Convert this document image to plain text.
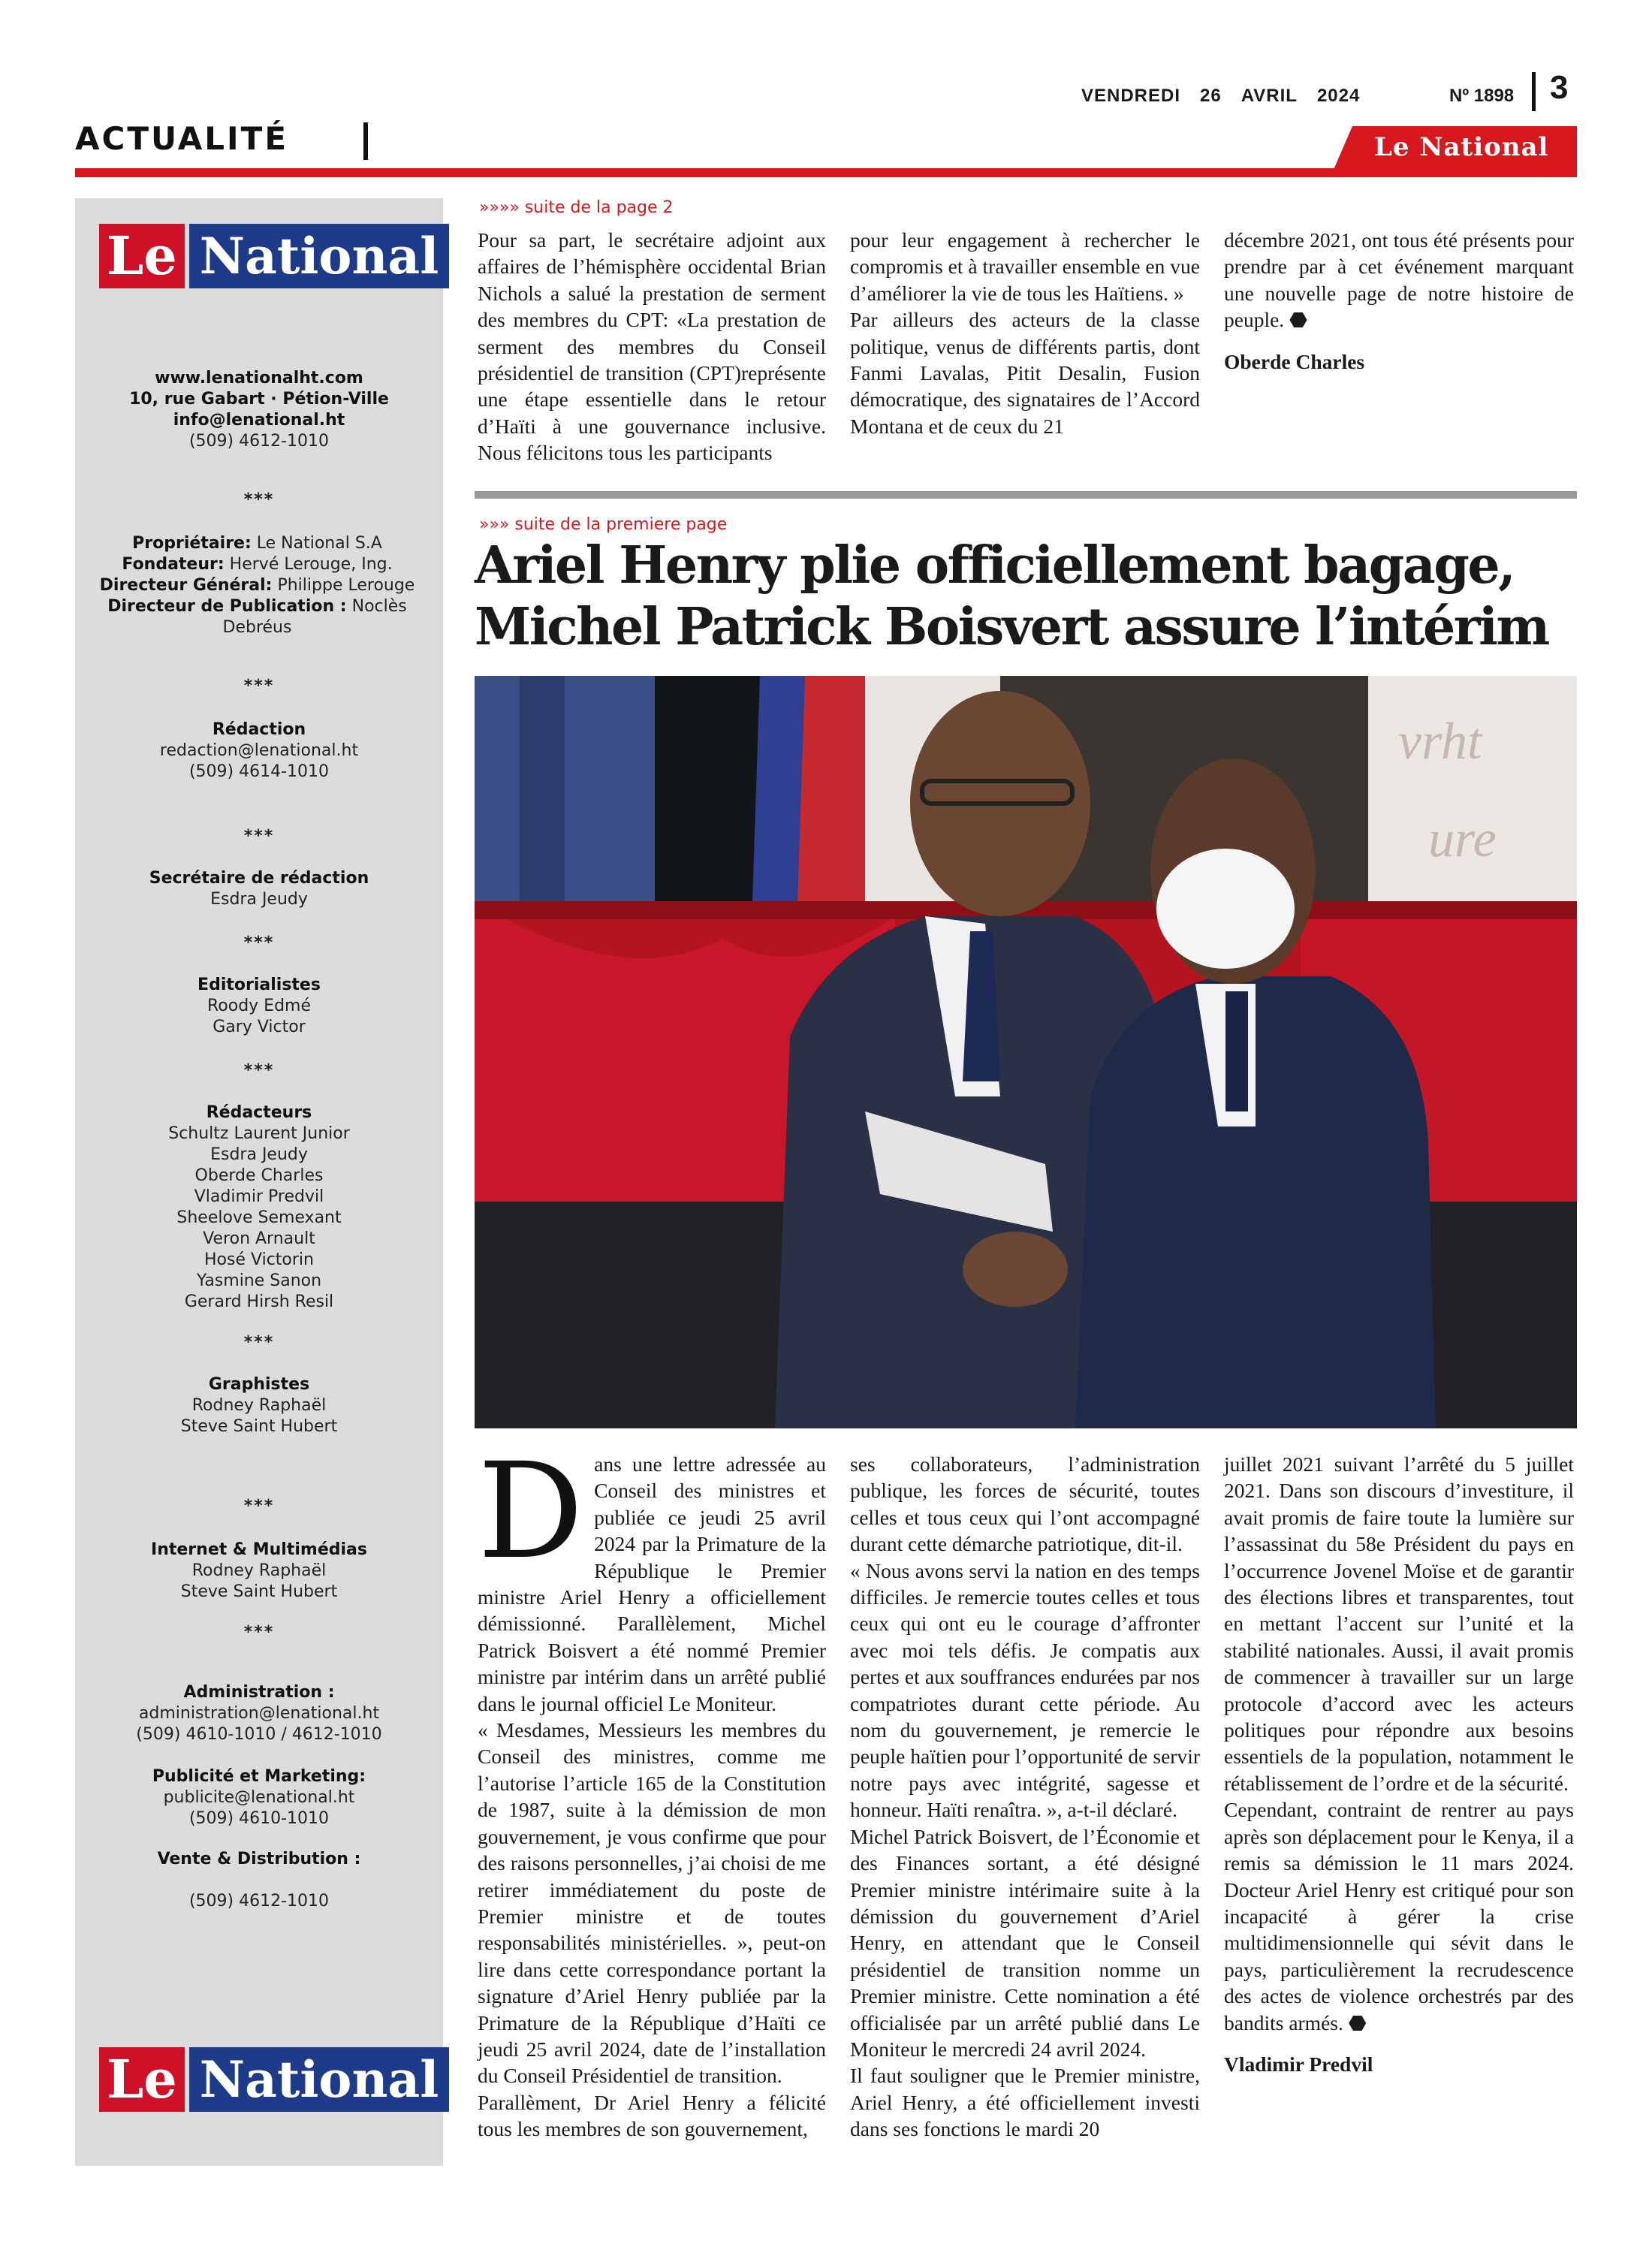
ACTUALITÉ
VENDREDI 26 AVRIL 2024	Nº 1898 3
Le National
Le National
www.lenationalht.com
10, rue Gabart · Pétion-Ville
info@lenational.ht
(509) 4612-1010
***
Propriétaire: Le National S.A
Fondateur: Hervé Lerouge, Ing.
Directeur Général: Philippe Lerouge
Directeur de Publication : Noclès Debréus
***
Rédaction
redaction@lenational.ht
(509) 4614-1010
***
Secrétaire de rédaction
Esdra Jeudy
***
Editorialistes
Roody Edmé
Gary Victor
***
Rédacteurs
Schultz Laurent Junior
Esdra Jeudy
Oberde Charles
Vladimir Predvil
Sheelove Semexant
Veron Arnault
Hosé Victorin
Yasmine Sanon
Gerard Hirsh Resil
***
Graphistes
Rodney Raphaël
Steve Saint Hubert
***
Internet & Multimédias
Rodney Raphaël
Steve Saint Hubert
***
Administration :
administration@lenational.ht
(509) 4610-1010 / 4612-1010
Publicité et Marketing:
publicite@lenational.ht
(509) 4610-1010
Vente & Distribution :
(509) 4612-1010
Le National
»»»» suite de la page 2

Pour sa part, le secrétaire adjoint aux affaires de l’hémisphère occidental Brian Nichols a salué la prestation de serment des membres du CPT: «La prestation de serment des membres du Conseil présidentiel de transition (CPT)représente une étape essentielle dans le retour d’Haïti à une gouvernance inclusive. Nous félicitons tous les participants

pour leur engagement à rechercher le compromis et à travailler ensemble en vue d’améliorer la vie de tous les Haïtiens. »

Par ailleurs des acteurs de la classe politique, venus de différents partis, dont Fanmi Lavalas, Pitit Desalin, Fusion démocratique, des signataires de l’Accord Montana et de ceux du 21

décembre 2021, ont tous été présents pour prendre par à cet événement marquant une nouvelle page de notre histoire de peuple. ⬣

Oberde Charles

»»» suite de la premiere page
Ariel Henry plie officiellement bagage, Michel Patrick Boisvert assure l’intérim
vrht
ure

Dans une lettre adressée au Conseil des ministres et publiée ce jeudi 25 avril 2024 par la Primature de la République le Premier ministre Ariel Henry a officiellement démissionné. Parallèlement, Michel Patrick Boisvert a été nommé Premier ministre par intérim dans un arrêté publié dans le journal officiel Le Moniteur.

« Mesdames, Messieurs les membres du Conseil des ministres, comme me l’autorise l’article 165 de la Constitution de 1987, suite à la démission de mon gouvernement, je vous confirme que pour des raisons personnelles, j’ai choisi de me retirer immédiatement du poste de Premier ministre et de toutes responsabilités ministérielles. », peut-on lire dans cette correspondance portant la signature d’Ariel Henry publiée par la Primature de la République d’Haïti ce jeudi 25 avril 2024, date de l’installation du Conseil Présidentiel de transition.

Parallèment, Dr Ariel Henry a félicité tous les membres de son gouvernement,

ses collaborateurs, l’administration publique, les forces de sécurité, toutes celles et tous ceux qui l’ont accompagné durant cette démarche patriotique, dit-il.

« Nous avons servi la nation en des temps difficiles. Je remercie toutes celles et tous ceux qui ont eu le courage d’affronter avec moi tels défis. Je compatis aux pertes et aux souffrances endurées par nos compatriotes durant cette période. Au nom du gouvernement, je remercie le peuple haïtien pour l’opportunité de servir notre pays avec intégrité, sagesse et honneur. Haïti renaîtra. », a-t-il déclaré.

Michel Patrick Boisvert, de l’Économie et des Finances sortant, a été désigné Premier ministre intérimaire suite à la démission du gouvernement d’Ariel Henry, en attendant que le Conseil présidentiel de transition nomme un Premier ministre. Cette nomination a été officialisée par un arrêté publié dans Le Moniteur le mercredi 24 avril 2024.

Il faut souligner que le Premier ministre, Ariel Henry, a été officiellement investi dans ses fonctions le mardi 20

juillet 2021 suivant l’arrêté du 5 juillet 2021. Dans son discours d’investiture, il avait promis de faire toute la lumière sur l’assassinat du 58e Président du pays en l’occurrence Jovenel Moïse et de garantir des élections libres et transparentes, tout en mettant l’accent sur l’unité et la stabilité nationales. Aussi, il avait promis de commencer à travailler sur un large protocole d’accord avec les acteurs politiques pour répondre aux besoins essentiels de la population, notamment le rétablissement de l’ordre et de la sécurité.

Cependant, contraint de rentrer au pays après son déplacement pour le Kenya, il a remis sa démission le 11 mars 2024. Docteur Ariel Henry est critiqué pour son incapacité à gérer la crise multidimensionnelle qui sévit dans le pays, particulièrement la recrudescence des actes de violence orchestrés par des bandits armés. ⬣

Vladimir Predvil
